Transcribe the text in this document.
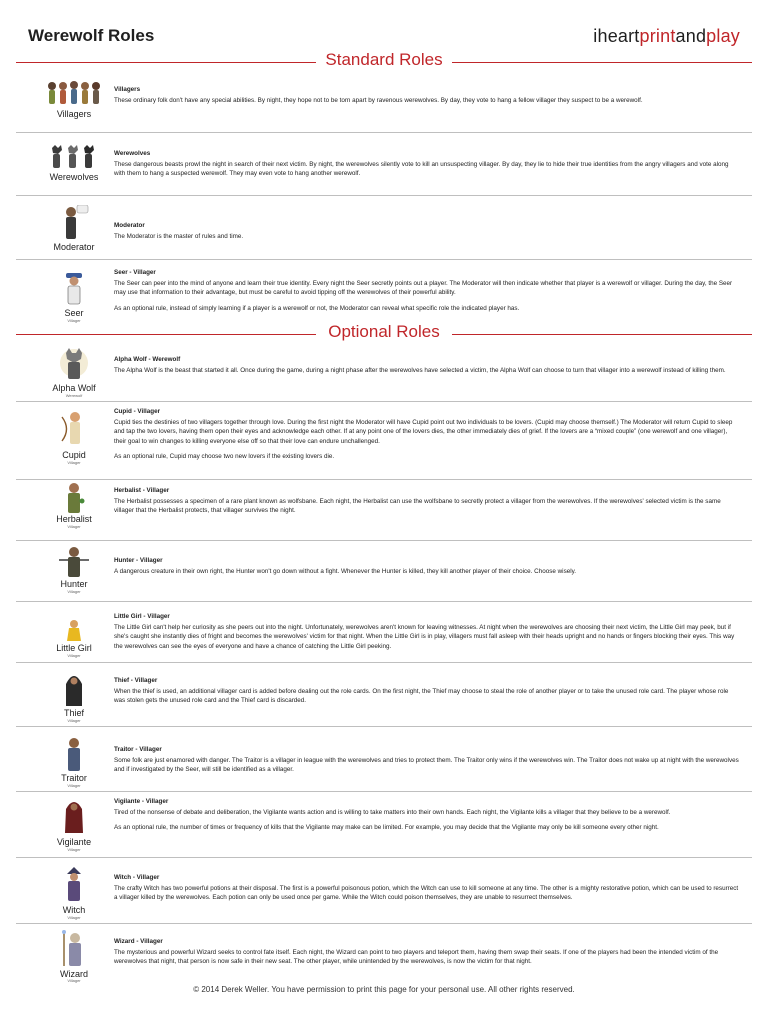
Werewolf Roles	iheartprintandplay
Standard Roles
Optional Roles
Villagers
Villagers
These ordinary folk don't have any special abilities. By night, they hope not to be torn apart by ravenous werewolves. By day, they vote to hang a fellow villager they suspect to be a werewolf.
Werewolves
Werewolves
These dangerous beasts prowl the night in search of their next victim. By night, the werewolves silently vote to kill an unsuspecting villager. By day, they lie to hide their true identities from the angry villagers and vote along with them to hang a suspected werewolf. They may even vote to hang another werewolf.
Moderator
Moderator
The Moderator is the master of rules and time.
Seer
Villager
Seer - Villager
The Seer can peer into the mind of anyone and learn their true identity. Every night the Seer secretly points out a player. The Moderator will then indicate whether that player is a werewolf or villager. During the day, the Seer may use that information to their advantage, but must be careful to avoid tipping off the werewolves of their powerful ability.
As an optional rule, instead of simply learning if a player is a werewolf or not, the Moderator can reveal what specific role the indicated player has.
Alpha Wolf
Werewolf
Alpha Wolf - Werewolf
The Alpha Wolf is the beast that started it all. Once during the game, during a night phase after the werewolves have selected a victim, the Alpha Wolf can choose to turn that villager into a werewolf instead of killing them.
Cupid
Villager
Cupid - Villager
Cupid ties the destinies of two villagers together through love. During the first night the Moderator will have Cupid point out two individuals to be lovers. (Cupid may choose themself.) The Moderator will return Cupid to sleep and tap the two lovers, having them open their eyes and acknowledge each other. If at any point one of the lovers dies, the other immediately dies of grief. If the lovers are a “mixed couple” (one werewolf and one villager), their goal to win changes to killing everyone else off so that their love can endure unchallenged.
As an optional rule, Cupid may choose two new lovers if the existing lovers die.
Herbalist
Villager
Herbalist - Villager
The Herbalist possesses a specimen of a rare plant known as wolfsbane. Each night, the Herbalist can use the wolfsbane to secretly protect a villager from the werewolves. If the werewolves' selected victim is the same villager that the Herbalist protects, that villager survives the night.
Hunter
Villager
Hunter - Villager
A dangerous creature in their own right, the Hunter won't go down without a fight. Whenever the Hunter is killed, they kill another player of their choice. Choose wisely.
Little Girl
Villager
Little Girl - Villager
The Little Girl can't help her curiosity as she peers out into the night. Unfortunately, werewolves aren't known for leaving witnesses. At night when the werewolves are choosing their next victim, the Little Girl may peek, but if she's caught she instantly dies of fright and becomes the werewolves' victim for that night. When the Little Girl is in play, villagers must fall asleep with their heads upright and no hands or fingers blocking their eyes. This way the werewolves can see the eyes of everyone and have a chance of catching the Little Girl peeking.
Thief
Villager
Thief - Villager
When the thief is used, an additional villager card is added before dealing out the role cards. On the first night, the Thief may choose to steal the role of another player or to take the unused role card. The player whose role was stolen gets the unused role card and the Thief card is discarded.
Traitor
Villager
Traitor - Villager
Some folk are just enamored with danger. The Traitor is a villager in league with the werewolves and tries to protect them. The Traitor only wins if the werewolves win. The Traitor does not wake up at night with the werewolves and if investigated by the Seer, will still be identified as a villager.
Vigilante
Villager
Vigilante - Villager
Tired of the nonsense of debate and deliberation, the Vigilante wants action and is willing to take matters into their own hands. Each night, the Vigilante kills a villager that they believe to be a werewolf.
As an optional rule, the number of times or frequency of kills that the Vigilante may make can be limited. For example, you may decide that the Vigilante may only be kill someone every other night.
Witch
Villager
Witch - Villager
The crafty Witch has two powerful potions at their disposal. The first is a powerful poisonous potion, which the Witch can use to kill someone at any time. The other is a mighty restorative potion, which can be used to resurrect a villager killed by the werewolves. Each potion can only be used once per game. While the Witch could poison themselves, they are unable to resurrect themselves.
Wizard
Villager
Wizard - Villager
The mysterious and powerful Wizard seeks to control fate itself. Each night, the Wizard can point to two players and teleport them, having them swap their seats. If one of the players had been the intended victim of the werewolves that night, that person is now safe in their new seat. The other player, while unintended by the werewolves, is now the victim for that night.
© 2014 Derek Weller. You have permission to print this page for your personal use. All other rights reserved.
